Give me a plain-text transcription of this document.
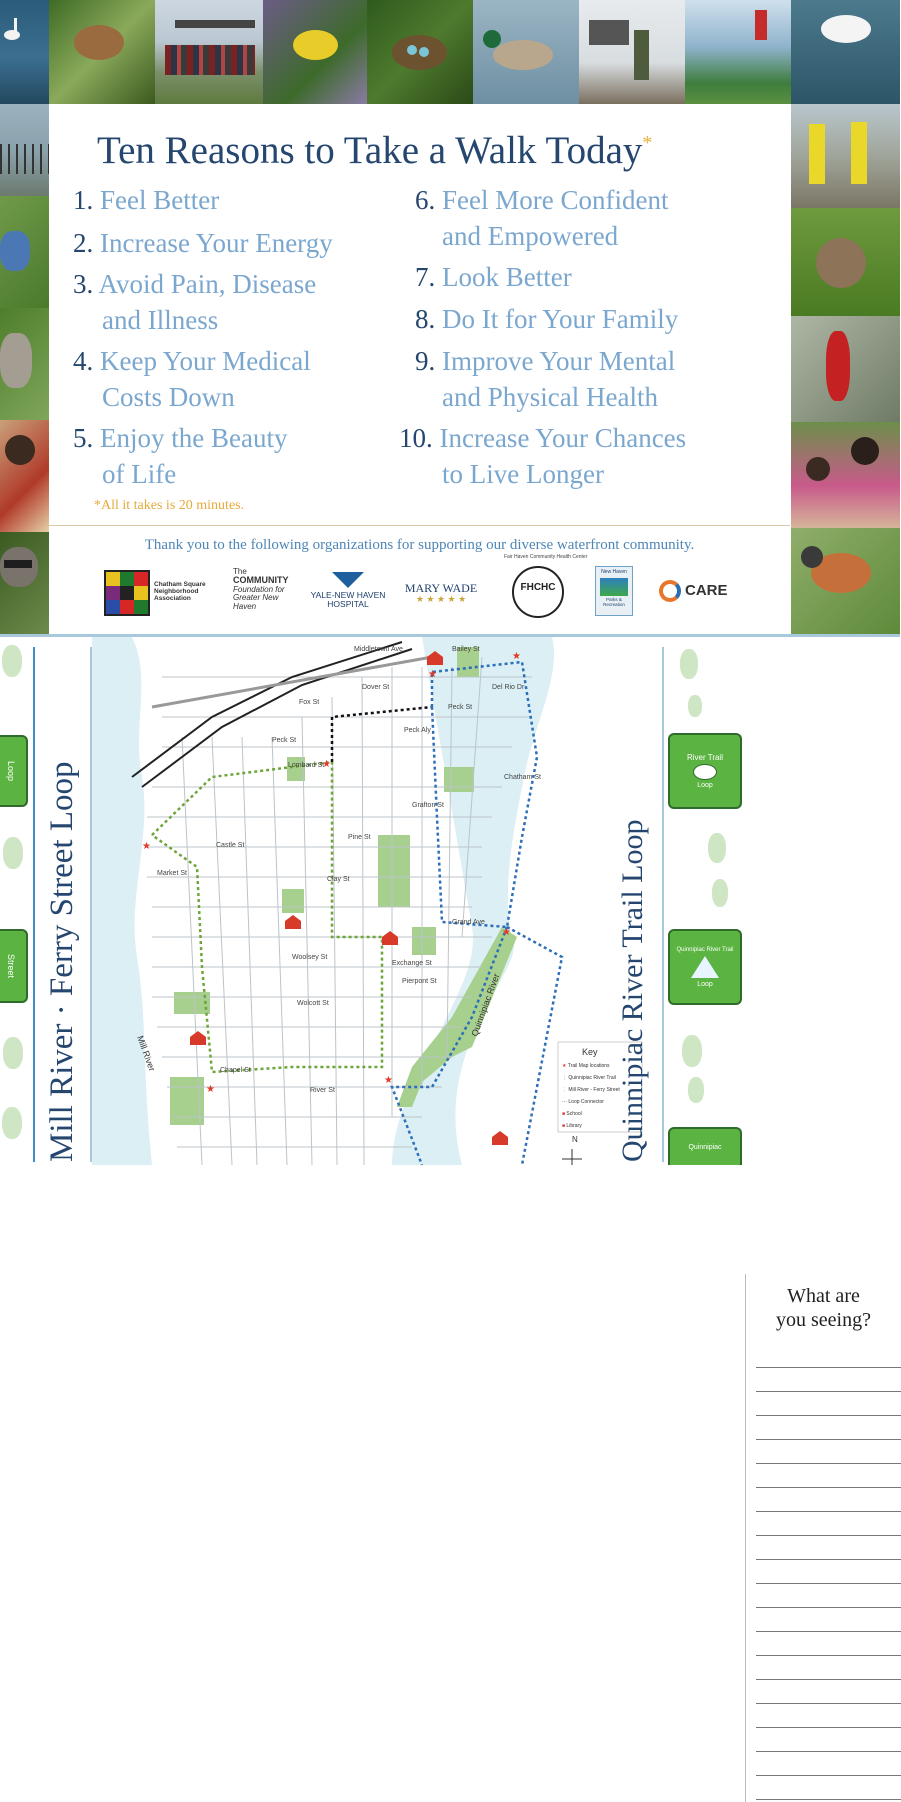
Ten Reasons to Take a Walk Today*
1. Feel Better
2. Increase Your Energy
3. Avoid Pain, Disease
and Illness
4. Keep Your Medical
Costs Down
5. Enjoy the Beauty
of Life
6. Feel More Confident
and Empowered
7. Look Better
8. Do It for Your Family
9. Improve Your Mental
and Physical Health
10. Increase Your Chances
to Live Longer
*All it takes is 20 minutes.
Thank you to the following organizations for supporting our diverse waterfront community.
Chatham Square Neighborhood Association
The
COMMUNITY
Foundation for Greater New Haven
YALE-NEW HAVEN HOSPITAL
MARY WADE
★ ★ ★ ★ ★
FHCHC
Fair Haven Community Health Center
New Haven
Parks & Recreation
CARE
Loop
Street Mill River · Ferry Street Loop
Middletown Ave	Bailey St
Fox St
Dover St	Del Rio Dr
Peck St
Peck St
Peck Aly
Lombard St
Chatham St
Grafton St
Castle St
Pine St
Market St
Clay St
Grand Ave
Woolsey St
Exchange St
Pierpont St
Wolcott St
Chapel St
River St
Quinnipiac River
Mill River
★
★
★
★
★
★
★
Key
★ Trail Map locations
⋮ Quinnipiac River Trail
⋮ Mill River - Ferry Street
⋯ Loop Connector
■ School
■ Library
N Quinnipiac River Trail Loop
River Trail
Loop
Quinnipiac River Trail
Loop
Quinnipiac
What are
you seeing?
